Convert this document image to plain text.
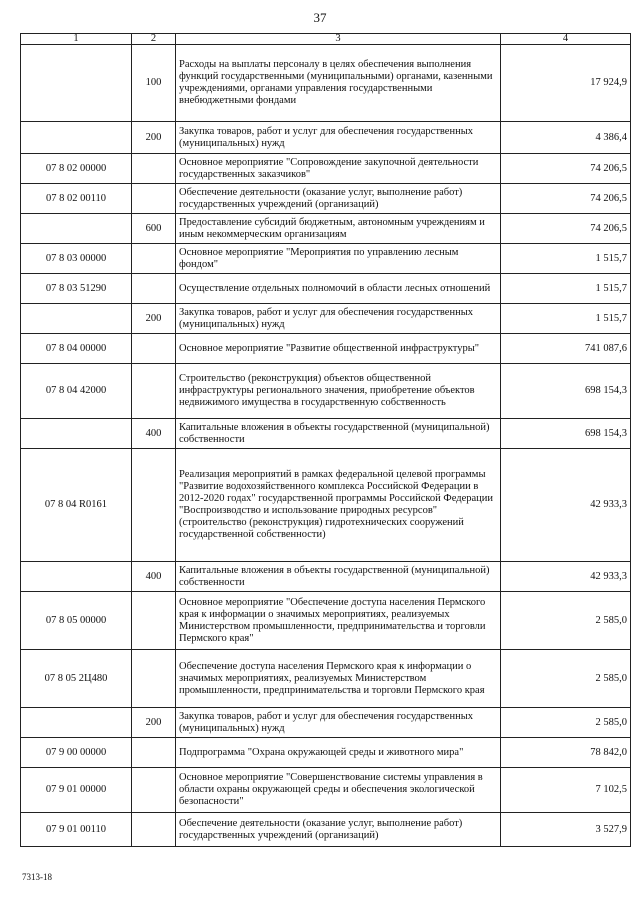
37
1	2	3	4
	100	Расходы на выплаты персоналу в целях обеспечения выполнения функций государственными (муниципальными) органами, казенными учреждениями, органами управления государственными внебюджетными фондами	17 924,9
	200	Закупка товаров, работ и услуг для обеспечения государственных (муниципальных) нужд	4 386,4
07 8 02 00000		Основное мероприятие "Сопровождение закупочной деятельности государственных заказчиков"	74 206,5
07 8 02 00110		Обеспечение деятельности (оказание услуг, выполнение работ) государственных учреждений (организаций)	74 206,5
	600	Предоставление субсидий бюджетным, автономным учреждениям и иным некоммерческим организациям	74 206,5
07 8 03 00000		Основное мероприятие "Мероприятия по управлению лесным фондом"	1 515,7
07 8 03 51290		Осуществление отдельных полномочий в области лесных отношений	1 515,7
	200	Закупка товаров, работ и услуг для обеспечения государственных (муниципальных) нужд	1 515,7
07 8 04 00000		Основное мероприятие "Развитие общественной инфраструктуры"	741 087,6
07 8 04 42000		Строительство (реконструкция) объектов общественной инфраструктуры регионального значения, приобретение объектов недвижимого имущества в государственную собственность	698 154,3
	400	Капитальные вложения в объекты государственной (муниципальной) собственности	698 154,3
07 8 04 R0161		Реализация мероприятий в рамках федеральной целевой программы "Развитие водохозяйственного комплекса Российской Федерации в 2012-2020 годах" государственной программы Российской Федерации "Воспроизводство и использование природных ресурсов" (строительство (реконструкция) гидротехнических сооружений государственной собственности)	42 933,3
	400	Капитальные вложения в объекты государственной (муниципальной) собственности	42 933,3
07 8 05 00000		Основное мероприятие "Обеспечение доступа населения Пермского края к информации о значимых мероприятиях, реализуемых Министерством промышленности, предпринимательства и торговли Пермского края"	2 585,0
07 8 05 2Ц480		Обеспечение доступа населения Пермского края к информации о значимых мероприятиях, реализуемых Министерством промышленности, предпринимательства и торговли Пермского края	2 585,0
	200	Закупка товаров, работ и услуг для обеспечения государственных (муниципальных) нужд	2 585,0
07 9 00 00000		Подпрограмма "Охрана окружающей среды и животного мира"	78 842,0
07 9 01 00000		Основное мероприятие "Совершенствование системы управления в области охраны окружающей среды и обеспечения экологической безопасности"	7 102,5
07 9 01 00110		Обеспечение деятельности (оказание услуг, выполнение работ) государственных учреждений (организаций)	3 527,9
7313-18
